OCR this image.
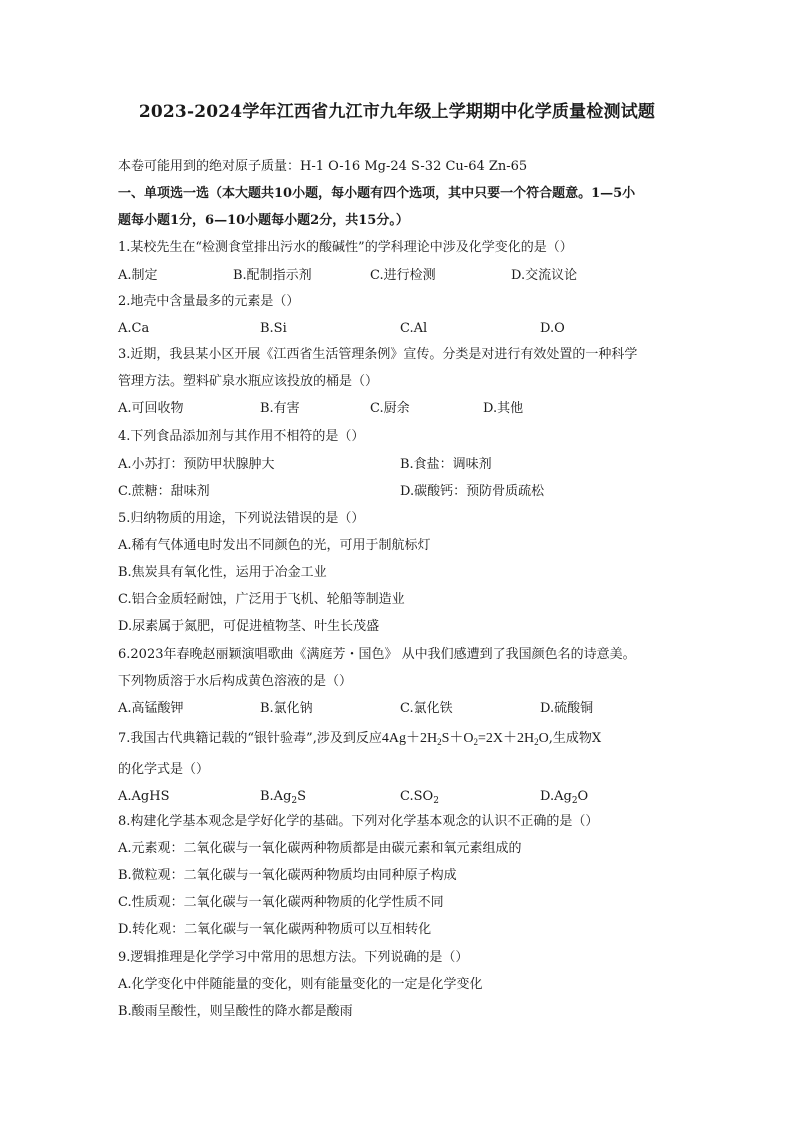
2023-2024学年江西省九江市九年级上学期期中化学质量检测试题
本卷可能用到的绝对原子质量：H-1 O-16 Mg-24 S-32 Cu-64 Zn-65
一、单项选一选（本大题共10小题，每小题有四个选项，其中只要一个符合题意。1—5小
题每小题1分，6—10小题每小题2分，共15分。）
1.某校先生在“检测食堂排出污水的酸碱性”的学科理论中涉及化学变化的是（）
A.制定	B.配制指示剂	C.进行检测	D.交流议论
2.地壳中含量最多的元素是（）
A.Ca	B.Si	C.Al	D.O
3.近期，我县某小区开展《江西省生活管理条例》宣传。分类是对进行有效处置的一种科学
管理方法。塑料矿泉水瓶应该投放的桶是（）
A.可回收物	B.有害	C.厨余	D.其他
4.下列食品添加剂与其作用不相符的是（）
A.小苏打：预防甲状腺肿大	B.食盐：调味剂
C.蔗糖：甜味剂	D.碳酸钙：预防骨质疏松
5.归纳物质的用途，下列说法错误的是（）
A.稀有气体通电时发出不同颜色的光，可用于制航标灯
B.焦炭具有氧化性，运用于冶金工业
C.铝合金质轻耐蚀，广泛用于飞机、轮船等制造业
D.尿素属于氮肥，可促进植物茎、叶生长茂盛
6.2023年春晚赵丽颖演唱歌曲《满庭芳・国色》 从中我们感遭到了我国颜色名的诗意美。
下列物质溶于水后构成黄色溶液的是（）
A.高锰酸钾	B.氯化钠	C.氯化铁	D.硫酸铜
7.我国古代典籍记载的“银针验毒”,涉及到反应$4Ag+2H_2S+O_2=2X+2H_2O$,生成物X
的化学式是（）
A.AgHS	$B.Ag_2S$	$C.SO_2$	$D.Ag_2O$
8.构建化学基本观念是学好化学的基础。下列对化学基本观念的认识不正确的是（）
A.元素观：二氧化碳与一氧化碳两种物质都是由碳元素和氧元素组成的
B.微粒观：二氧化碳与一氧化碳两种物质均由同种原子构成
C.性质观：二氧化碳与一氧化碳两种物质的化学性质不同
D.转化观：二氧化碳与一氧化碳两种物质可以互相转化
9.逻辑推理是化学学习中常用的思想方法。下列说确的是（）
A.化学变化中伴随能量的变化，则有能量变化的一定是化学变化
B.酸雨呈酸性，则呈酸性的降水都是酸雨
